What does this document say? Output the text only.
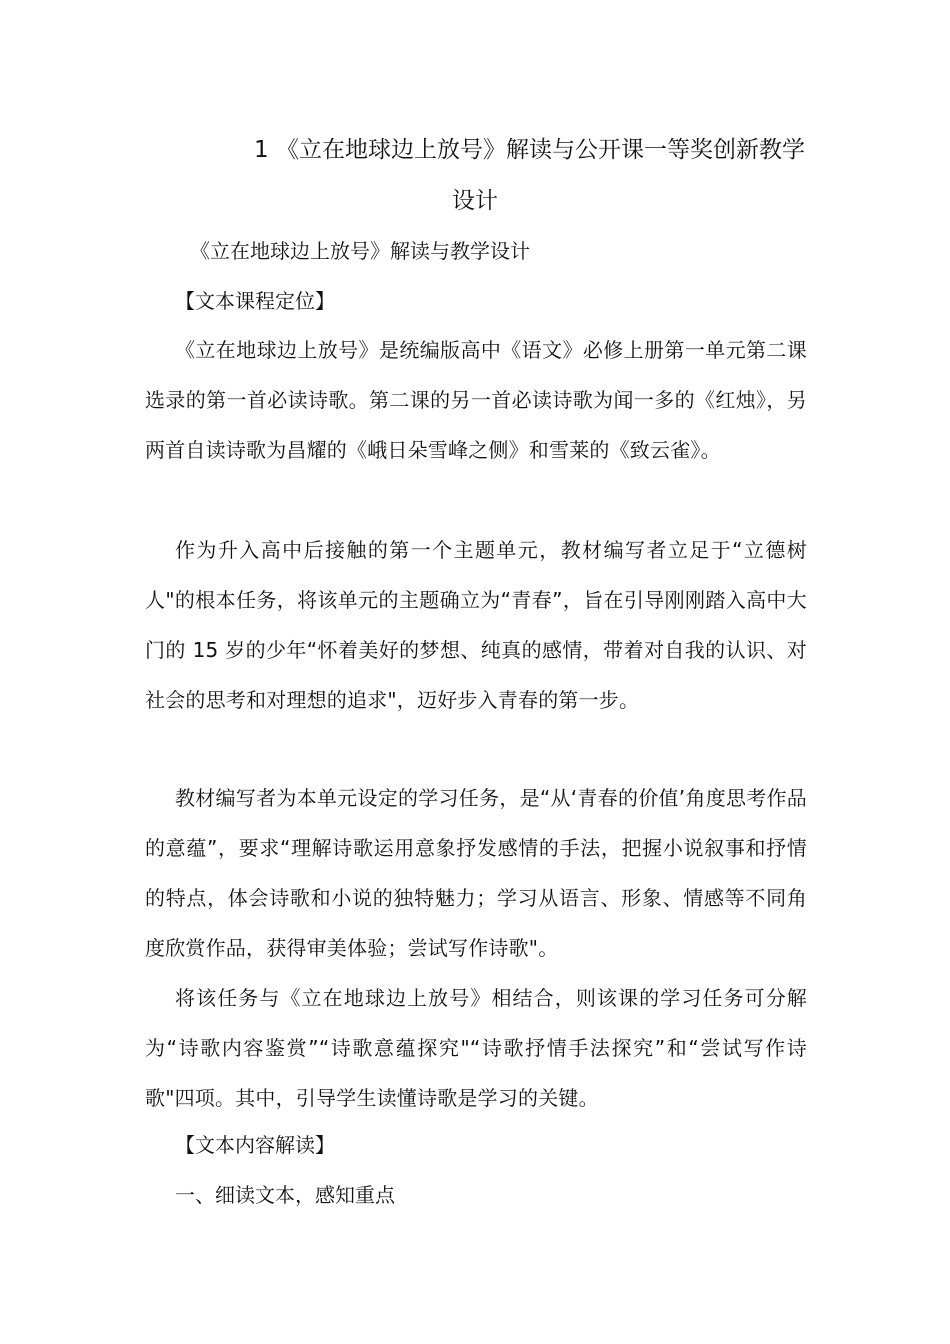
1 《立在地球边上放号》解读与公开课一等奖创新教学
设计
《立在地球边上放号》解读与教学设计
【文本课程定位】
《立在地球边上放号》是统编版高中《语文》必修上册第一单元第二课选录的第一首必读诗歌。第二课的另一首必读诗歌为闻一多的《红烛》，另两首自读诗歌为昌耀的《峨日朵雪峰之侧》和雪莱的《致云雀》。
作为升入高中后接触的第一个主题单元，教材编写者立足于“立德树人"的根本任务，将该单元的主题确立为“青春”，旨在引导刚刚踏入高中大门的 15 岁的少年“怀着美好的梦想、纯真的感情，带着对自我的认识、对社会的思考和对理想的追求"，迈好步入青春的第一步。
教材编写者为本单元设定的学习任务，是“从‘青春的价值’角度思考作品的意蕴”，要求“理解诗歌运用意象抒发感情的手法，把握小说叙事和抒情的特点，体会诗歌和小说的独特魅力；学习从语言、形象、情感等不同角度欣赏作品，获得审美体验；尝试写作诗歌"。
将该任务与《立在地球边上放号》相结合，则该课的学习任务可分解为“诗歌内容鉴赏”“诗歌意蕴探究"“诗歌抒情手法探究”和“尝试写作诗歌"四项。其中，引导学生读懂诗歌是学习的关键。
【文本内容解读】
一、细读文本，感知重点
